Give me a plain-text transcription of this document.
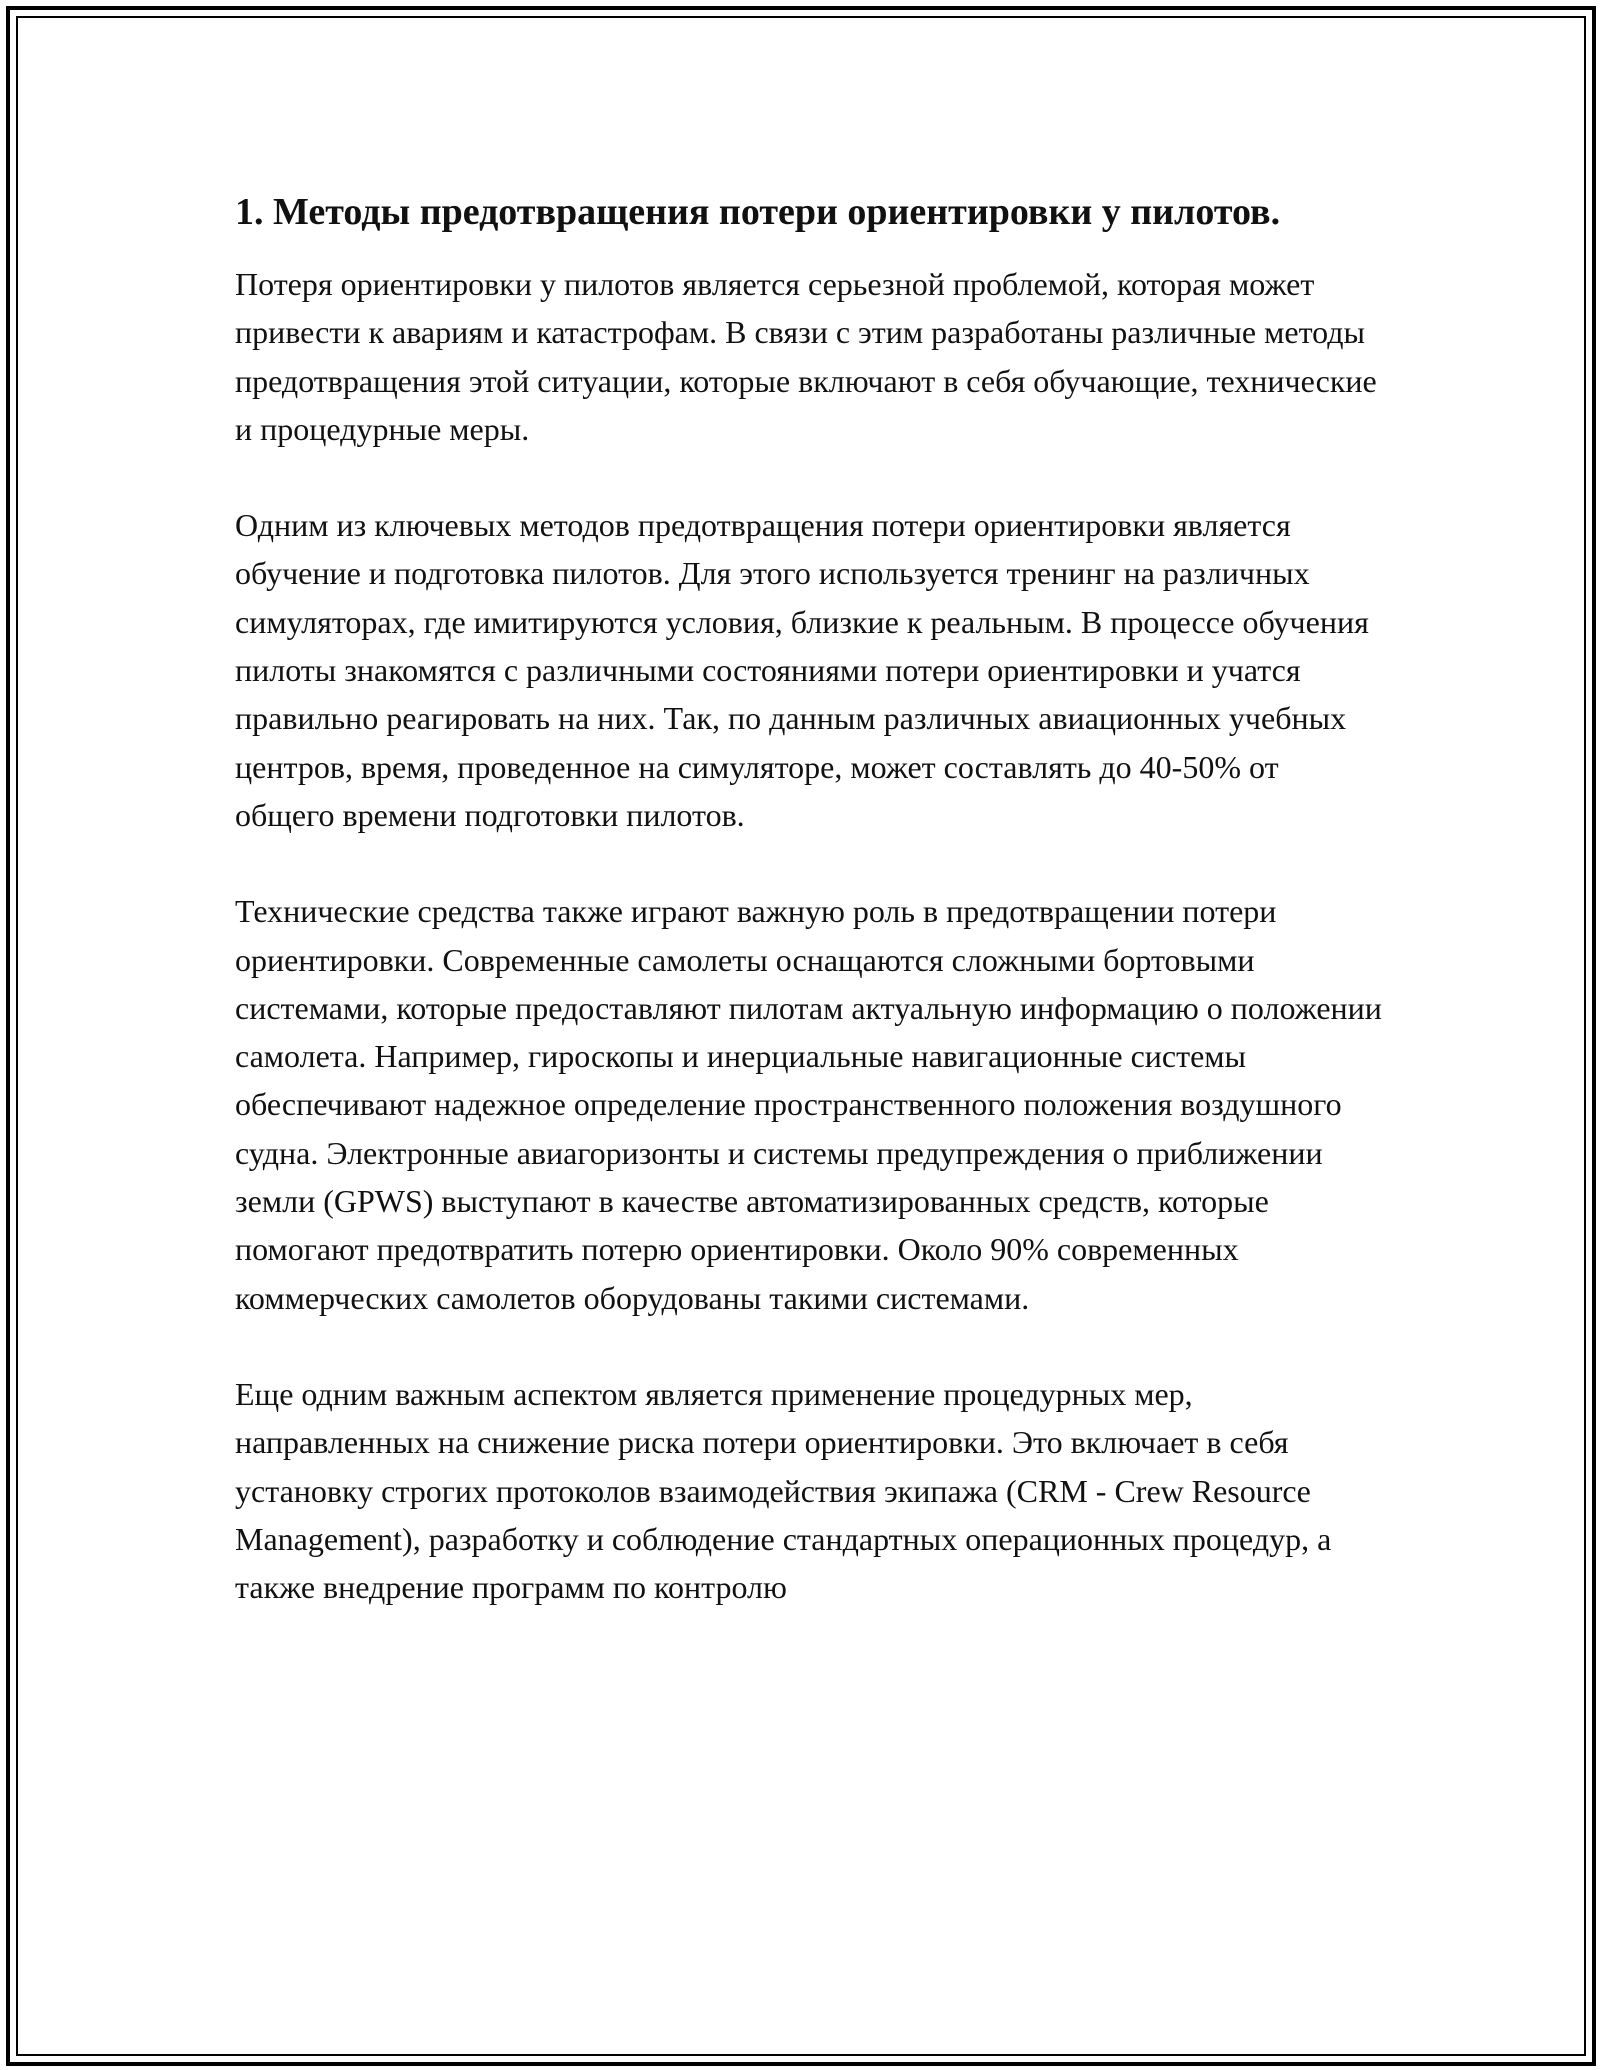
1. Методы предотвращения потери ориентировки у пилотов.

Потеря ориентировки у пилотов является серьезной проблемой, которая может привести к авариям и катастрофам. В связи с этим разработаны различные методы предотвращения этой ситуации, которые включают в себя обучающие, технические и процедурные меры.

Одним из ключевых методов предотвращения потери ориентировки является обучение и подготовка пилотов. Для этого используется тренинг на различных симуляторах, где имитируются условия, близкие к реальным. В процессе обучения пилоты знакомятся с различными состояниями потери ориентировки и учатся правильно реагировать на них. Так, по данным различных авиационных учебных центров, время, проведенное на симуляторе, может составлять до 40-50% от общего времени подготовки пилотов.

Технические средства также играют важную роль в предотвращении потери ориентировки. Современные самолеты оснащаются сложными бортовыми системами, которые предоставляют пилотам актуальную информацию о положении самолета. Например, гироскопы и инерциальные навигационные системы обеспечивают надежное определение пространственного положения воздушного судна. Электронные авиагоризонты и системы предупреждения о приближении земли (GPWS) выступают в качестве автоматизированных средств, которые помогают предотвратить потерю ориентировки. Около 90% современных коммерческих самолетов оборудованы такими системами.

Еще одним важным аспектом является применение процедурных мер, направленных на снижение риска потери ориентировки. Это включает в себя установку строгих протоколов взаимодействия экипажа (CRM - Crew Resource Management), разработку и соблюдение стандартных операционных процедур, а также внедрение программ по контролю
